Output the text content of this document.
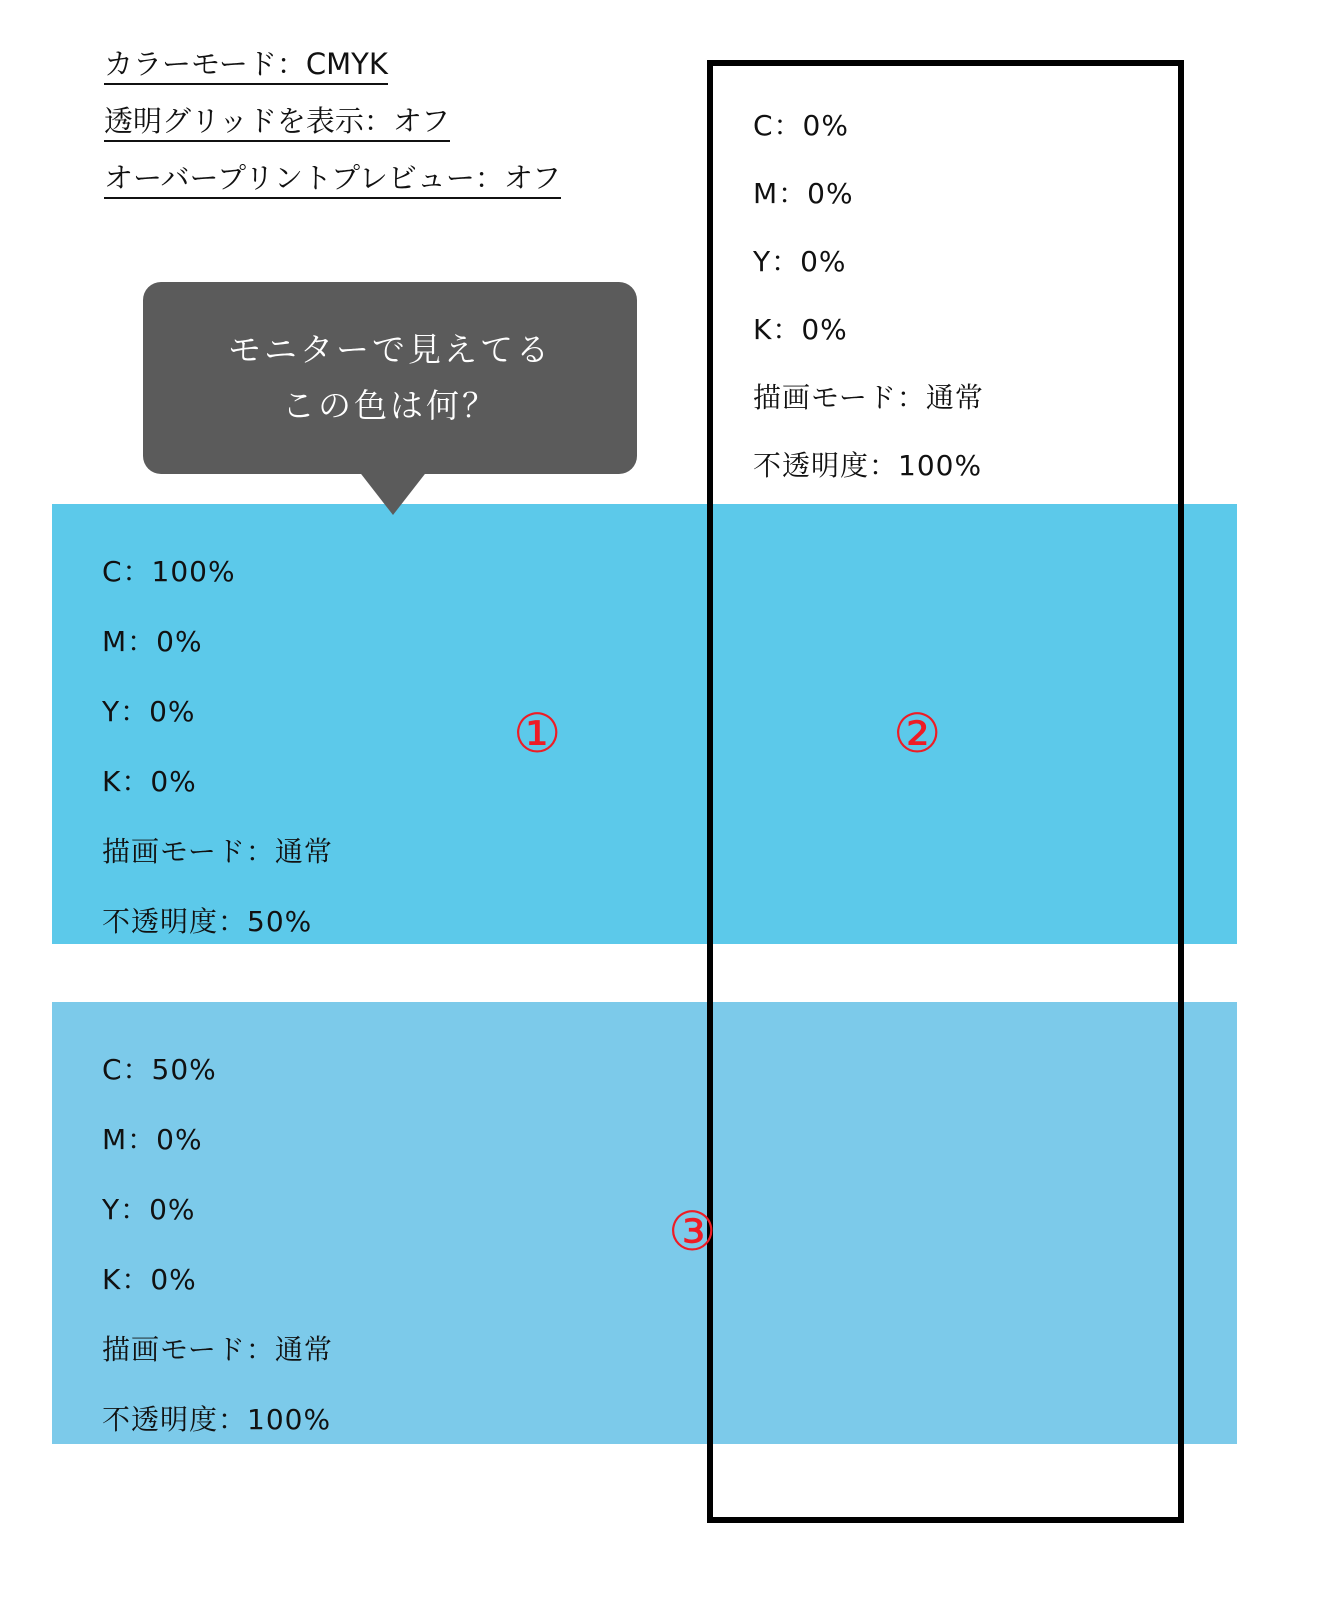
カラーモード：CMYK
透明グリッドを表示：オフ
オーバープリントプレビュー：オフ
C：100%
M：0%
Y：0%
K：0%
描画モード：通常
不透明度：50%
C：50%
M：0%
Y：0%
K：0%
描画モード：通常
不透明度：100%
C：0%
M：0%
Y：0%
K：0%
描画モード：通常
不透明度：100%
モニターで見えてる
この色は何？
①	②
③
